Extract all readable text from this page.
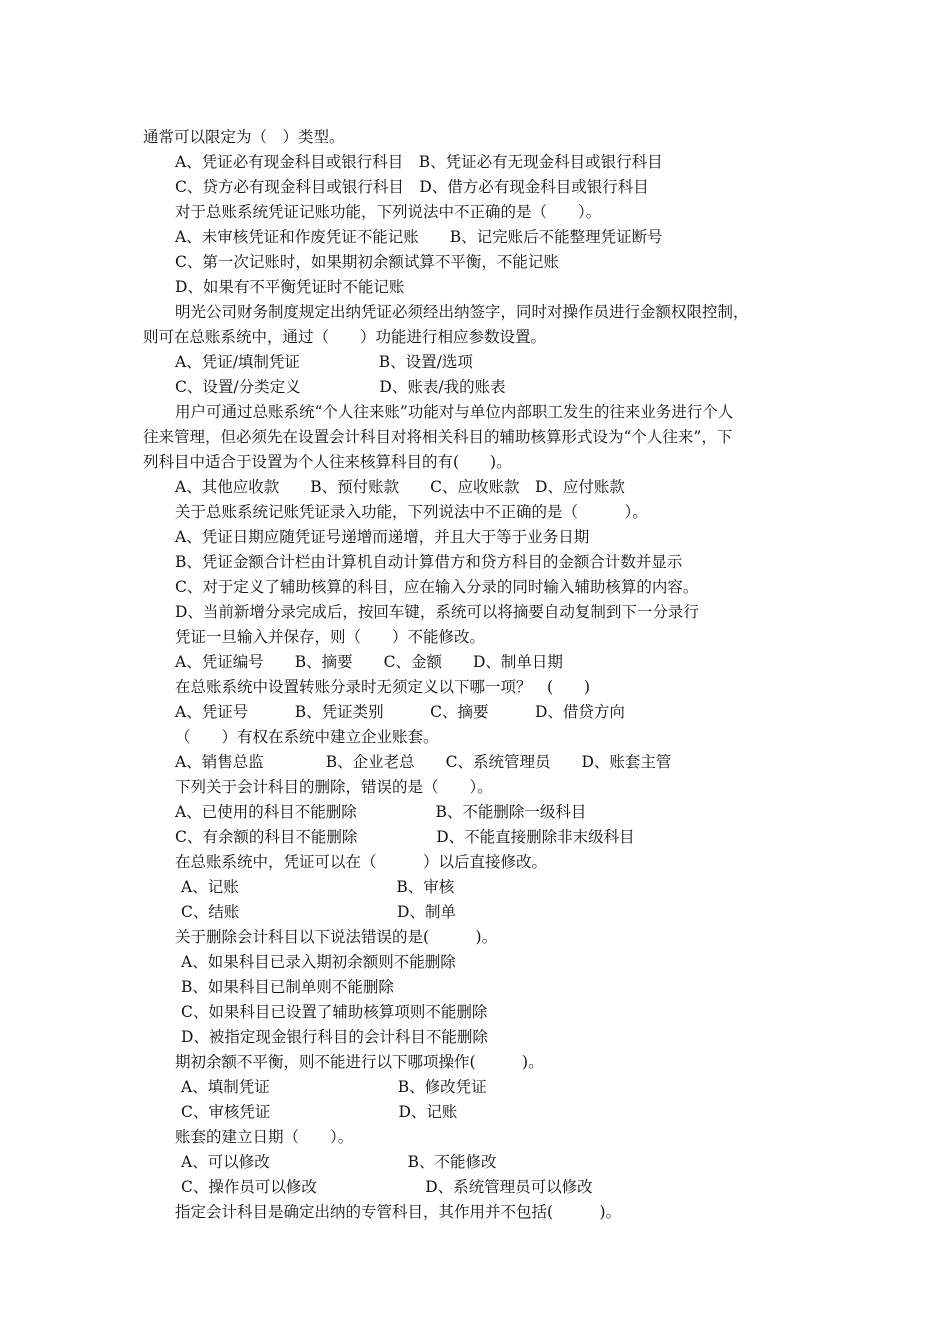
通常可以限定为（　）类型。
A、凭证必有现金科目或银行科目　B、凭证必有无现金科目或银行科目
C、贷方必有现金科目或银行科目　D、借方必有现金科目或银行科目
对于总账系统凭证记账功能，下列说法中不正确的是（　　）。
A、未审核凭证和作废凭证不能记账　　B、记完账后不能整理凭证断号
C、第一次记账时，如果期初余额试算不平衡，不能记账
D、如果有不平衡凭证时不能记账
明光公司财务制度规定出纳凭证必须经出纳签字，同时对操作员进行金额权限控制，
则可在总账系统中，通过（　　）功能进行相应参数设置。
A、凭证/填制凭证                B、设置/选项
C、设置/分类定义                D、账表/我的账表
用户可通过总账系统“个人往来账”功能对与单位内部职工发生的往来业务进行个人
往来管理，但必须先在设置会计科目对将相关科目的辅助核算形式设为“个人往来”，下
列科目中适合于设置为个人往来核算科目的有(　　)。
A、其他应收款　　B、预付账款　　C、应收账款　D、应付账款
关于总账系统记账凭证录入功能，下列说法中不正确的是（　　　）。
A、凭证日期应随凭证号递增而递增，并且大于等于业务日期
B、凭证金额合计栏由计算机自动计算借方和贷方科目的金额合计数并显示
C、对于定义了辅助核算的科目，应在输入分录的同时输入辅助核算的内容。
D、当前新增分录完成后，按回车键，系统可以将摘要自动复制到下一分录行
凭证一旦输入并保存，则（　　）不能修改。
A、凭证编号　　B、摘要　　C、金额　　D、制单日期
在总账系统中设置转账分录时无须定义以下哪一项？　(　　)
A、凭证号　　　B、凭证类别　　　C、摘要　　　D、借贷方向
（　　）有权在系统中建立企业账套。
A、销售总监　　　　B、企业老总　　C、系统管理员　　D、账套主管
下列关于会计科目的删除，错误的是（　　）。
A、已使用的科目不能删除                B、不能删除一级科目
C、有余额的科目不能删除                D、不能直接删除非末级科目
在总账系统中，凭证可以在（　　　）以后直接修改。
A、记账                                B、审核
C、结账                                D、制单
关于删除会计科目以下说法错误的是(　　　)。
A、如果科目已录入期初余额则不能删除
B、如果科目已制单则不能删除
C、如果科目已设置了辅助核算项则不能删除
D、被指定现金银行科目的会计科目不能删除
期初余额不平衡，则不能进行以下哪项操作(　　　)。
A、填制凭证                          B、修改凭证
C、审核凭证                          D、记账
账套的建立日期（　　）。
A、可以修改                            B、不能修改
C、操作员可以修改                      D、系统管理员可以修改
指定会计科目是确定出纳的专管科目，其作用并不包括(　　　)。
